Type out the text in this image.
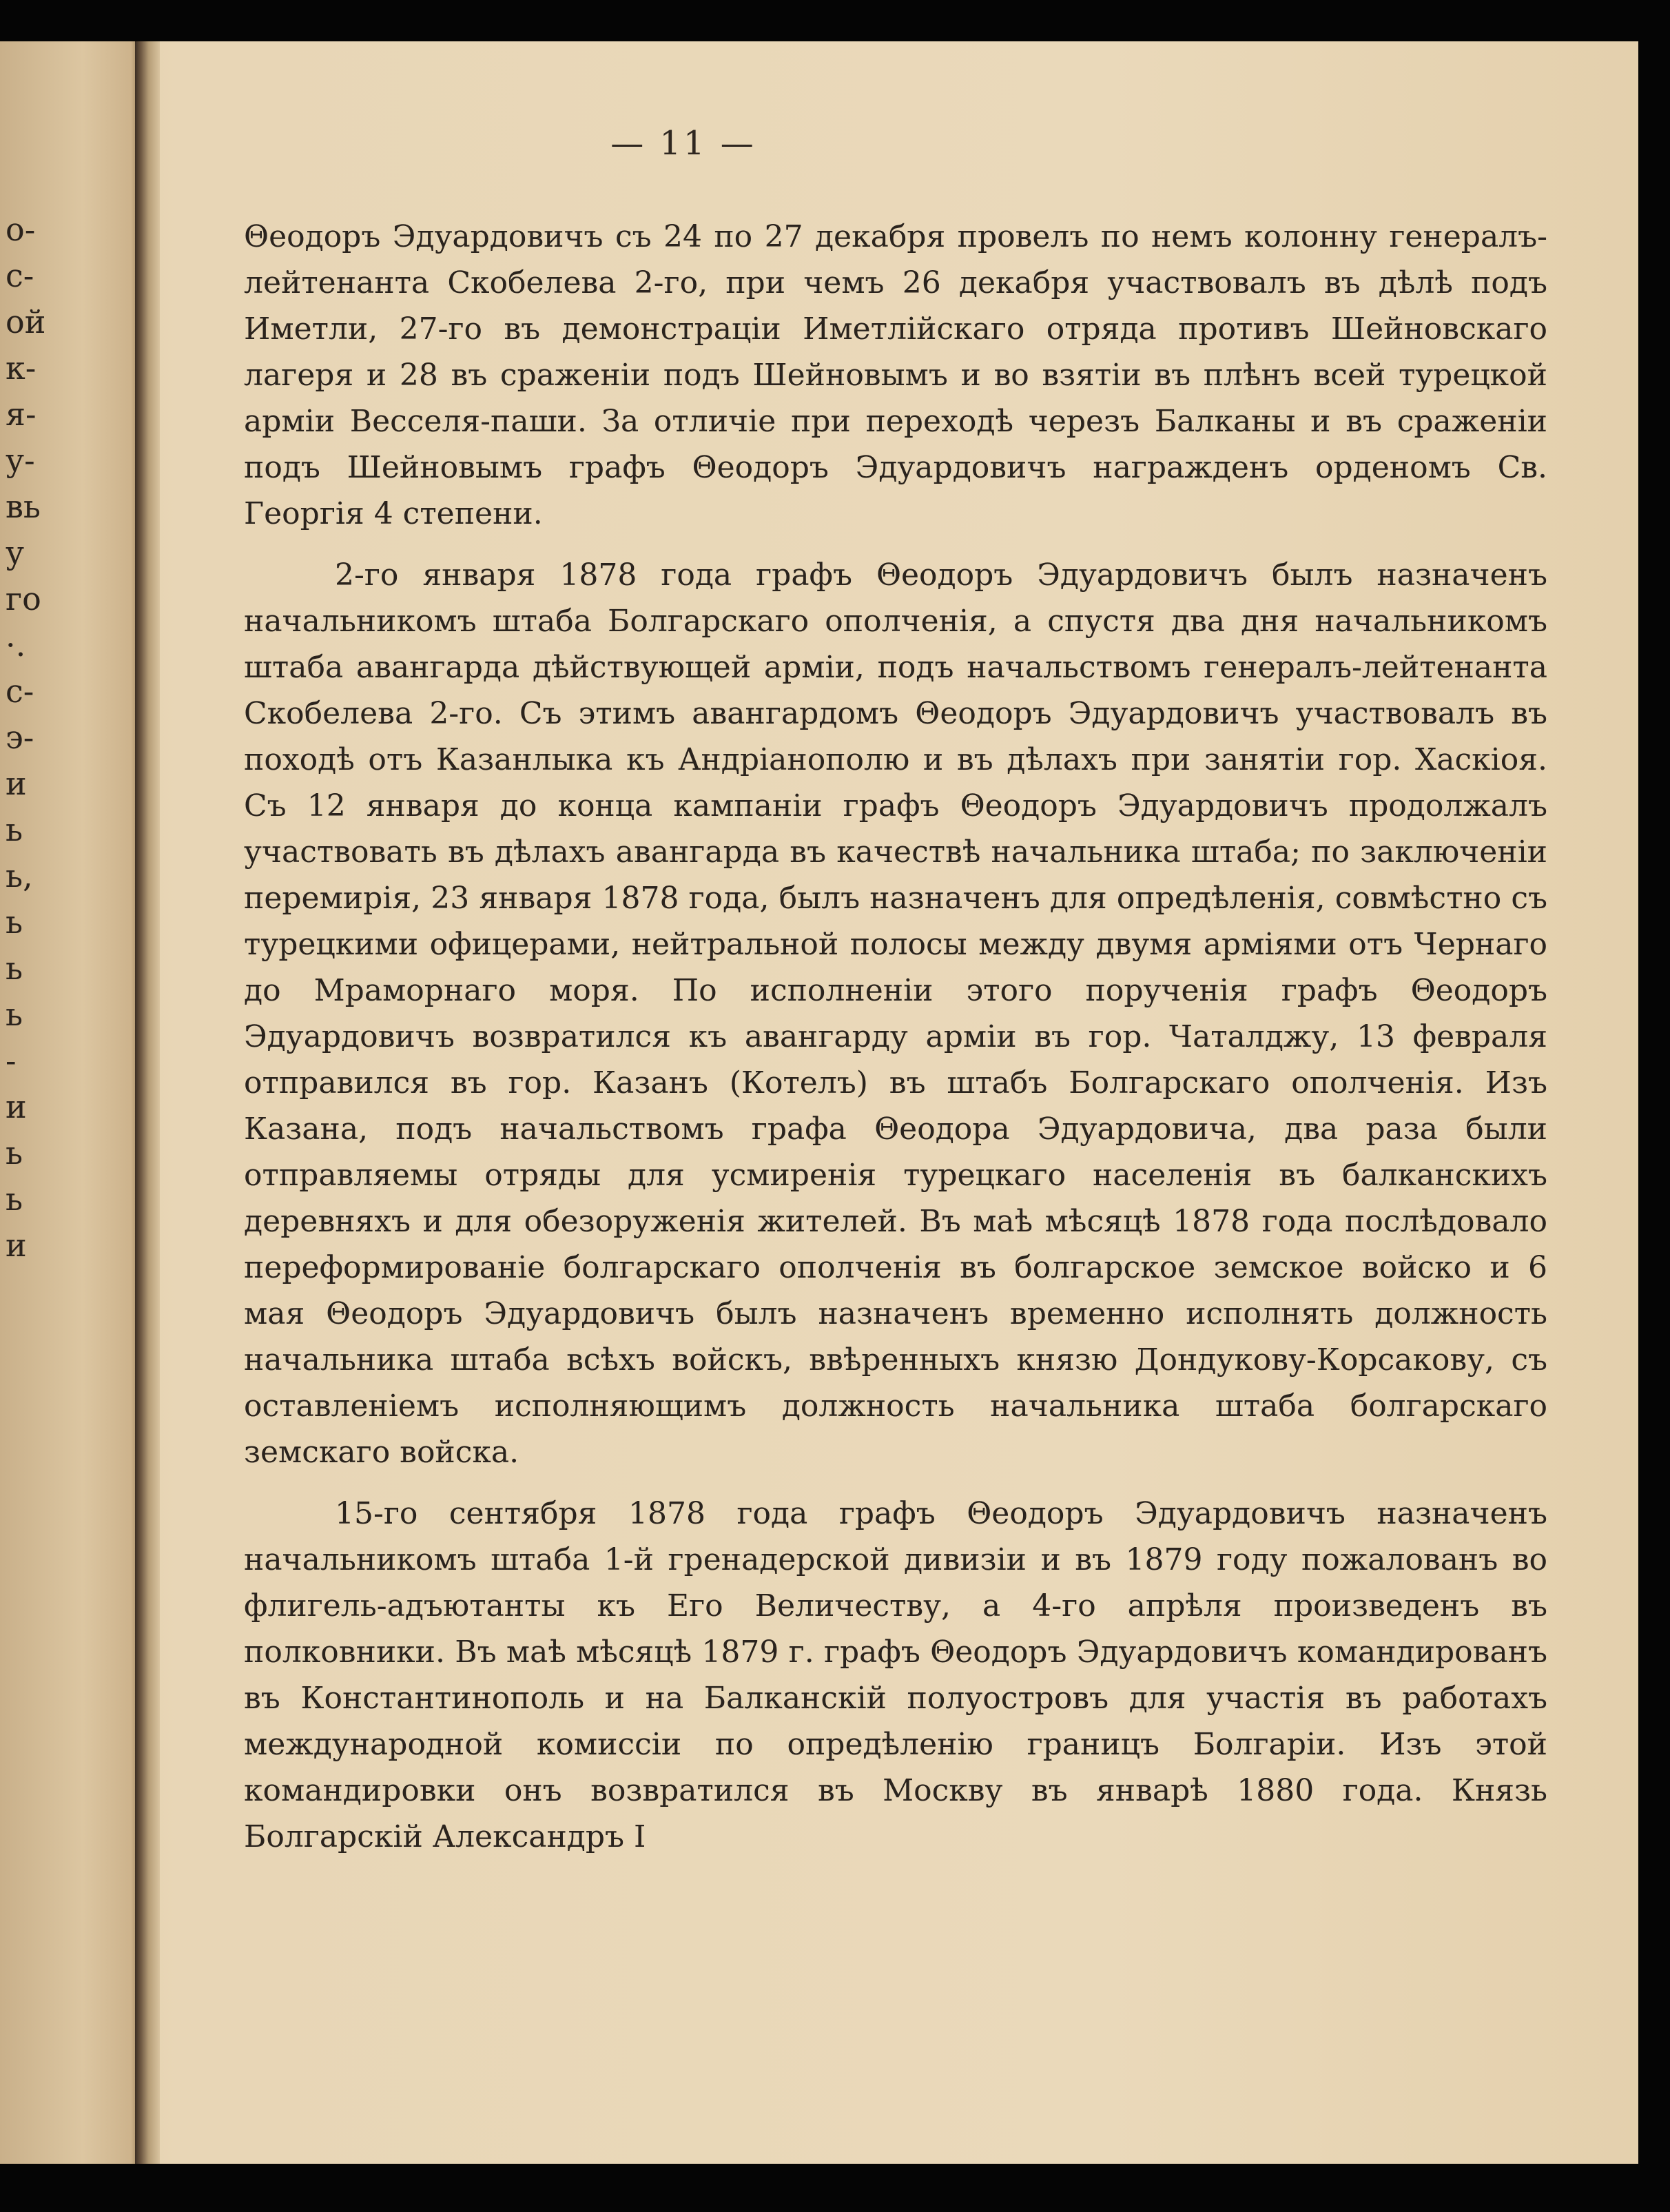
о-
с-
ой
к-
я-
у-
вь
у
го
·.
с-
э-
и
ь
ь,
ь
ь
ь
-
и
ь
ь
и
— 11 —

Θеодоръ Эдуардовичъ съ 24 по 27 декабря провелъ по немъ колонну генералъ-лейтенанта Скобелева 2-го, при чемъ 26 декабря участвовалъ въ дѣлѣ подъ Иметли, 27-го въ демонстраціи Иметлійскаго отряда противъ Шейновскаго лагеря и 28 въ сраженіи подъ Шейновымъ и во взятіи въ плѣнъ всей турецкой арміи Весселя-паши. За отличіе при переходѣ черезъ Балканы и въ сраженіи подъ Шейновымъ графъ Θеодоръ Эдуардовичъ награжденъ орденомъ Св. Георгія 4 степени.

2-го января 1878 года графъ Θеодоръ Эдуардовичъ былъ назначенъ начальникомъ штаба Болгарскаго ополченія, а спустя два дня начальникомъ штаба авангарда дѣйствующей арміи, подъ начальствомъ генералъ-лейтенанта Скобелева 2-го. Съ этимъ авангардомъ Θеодоръ Эдуардовичъ участвовалъ въ походѣ отъ Казанлыка къ Андріанополю и въ дѣлахъ при занятіи гор. Хаскіоя. Съ 12 января до конца кампаніи графъ Θеодоръ Эдуардовичъ продолжалъ участвовать въ дѣлахъ авангарда въ качествѣ начальника штаба; по заключеніи перемирія, 23 января 1878 года, былъ назначенъ для опредѣленія, совмѣстно съ турецкими офицерами, нейтральной полосы между двумя арміями отъ Чернаго до Мраморнаго моря. По исполненіи этого порученія графъ Θеодоръ Эдуардовичъ возвратился къ авангарду арміи въ гор. Чаталджу, 13 февраля отправился въ гор. Казанъ (Котелъ) въ штабъ Болгарскаго ополченія. Изъ Казана, подъ начальствомъ графа Θеодора Эдуардовича, два раза были отправляемы отряды для усмиренія турецкаго населенія въ балканскихъ деревняхъ и для обезоруженія жителей. Въ маѣ мѣсяцѣ 1878 года послѣдовало переформированіе болгарскаго ополченія въ болгарское земское войско и 6 мая Θеодоръ Эдуардовичъ былъ назначенъ временно исполнять должность начальника штаба всѣхъ войскъ, ввѣренныхъ князю Дондукову-Корсакову, съ оставленіемъ исполняющимъ должность начальника штаба болгарскаго земскаго войска.

15-го сентября 1878 года графъ Θеодоръ Эдуардовичъ назначенъ начальникомъ штаба 1-й гренадерской дивизіи и въ 1879 году пожалованъ во флигель-адъютанты къ Его Величеству, а 4-го апрѣля произведенъ въ полковники. Въ маѣ мѣсяцѣ 1879 г. графъ Θеодоръ Эдуардовичъ командированъ въ Константинополь и на Балканскій полуостровъ для участія въ работахъ международной комиссіи по опредѣленію границъ Болгаріи. Изъ этой командировки онъ возвратился въ Москву въ январѣ 1880 года. Князь Болгарскій Александръ I
